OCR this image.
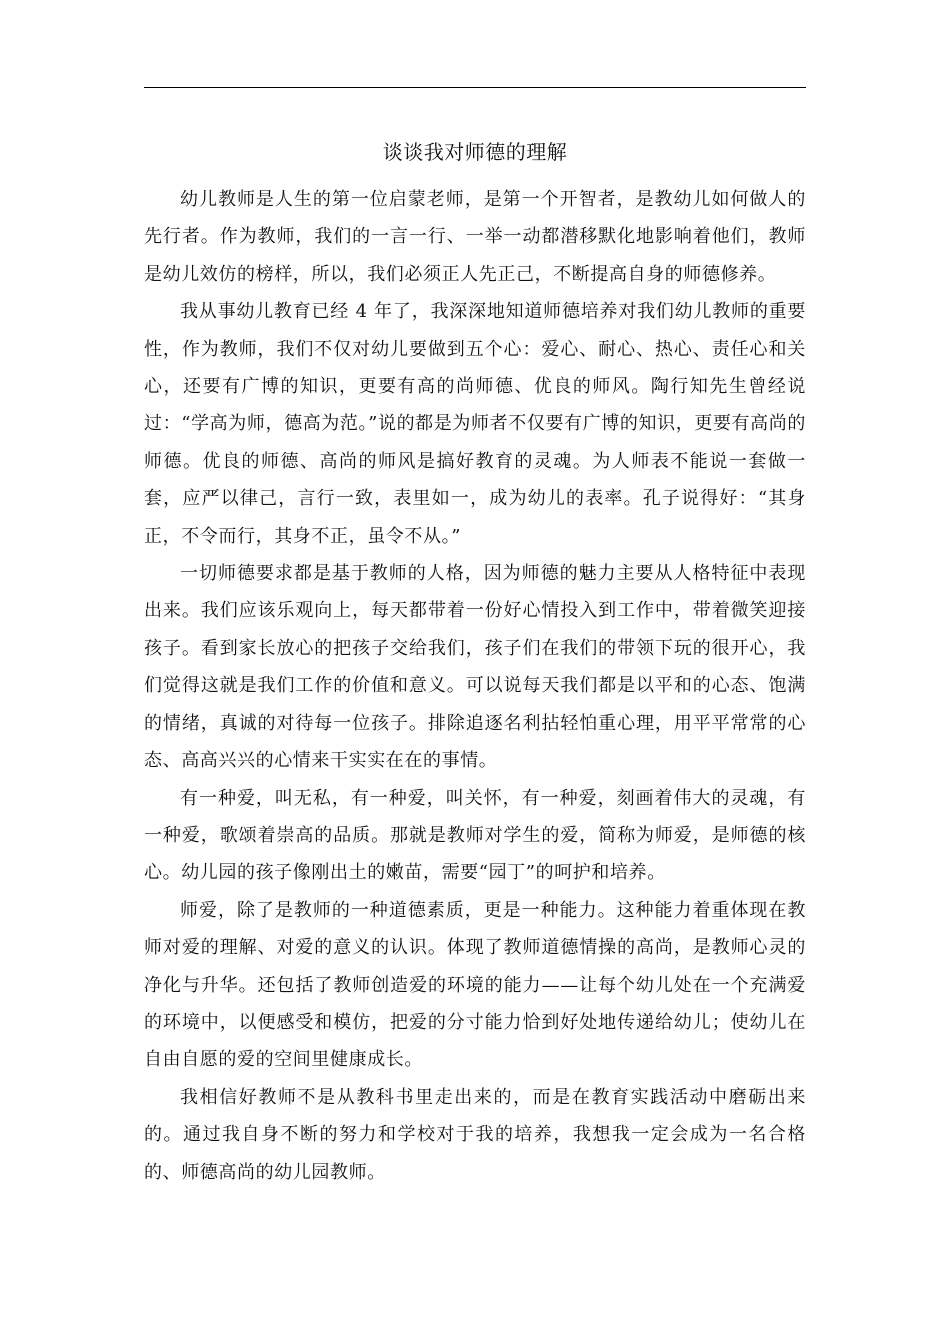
谈谈我对师德的理解

幼儿教师是人生的第一位启蒙老师，是第一个开智者，是教幼儿如何做人的先行者。作为教师，我们的一言一行、一举一动都潜移默化地影响着他们，教师是幼儿效仿的榜样，所以，我们必须正人先正己，不断提高自身的师德修养。

我从事幼儿教育已经 4 年了，我深深地知道师德培养对我们幼儿教师的重要性，作为教师，我们不仅对幼儿要做到五个心：爱心、耐心、热心、责任心和关心，还要有广博的知识，更要有高的尚师德、优良的师风。陶行知先生曾经说过：“学高为师，德高为范。”说的都是为师者不仅要有广博的知识，更要有高尚的师德。优良的师德、高尚的师风是搞好教育的灵魂。为人师表不能说一套做一套，应严以律己，言行一致，表里如一，成为幼儿的表率。孔子说得好：“其身正，不令而行，其身不正，虽令不从。”

一切师德要求都是基于教师的人格，因为师德的魅力主要从人格特征中表现出来。我们应该乐观向上，每天都带着一份好心情投入到工作中，带着微笑迎接孩子。看到家长放心的把孩子交给我们，孩子们在我们的带领下玩的很开心，我们觉得这就是我们工作的价值和意义。可以说每天我们都是以平和的心态、饱满的情绪，真诚的对待每一位孩子。排除追逐名利拈轻怕重心理，用平平常常的心态、高高兴兴的心情来干实实在在的事情。

有一种爱，叫无私，有一种爱，叫关怀，有一种爱，刻画着伟大的灵魂，有一种爱，歌颂着崇高的品质。那就是教师对学生的爱，简称为师爱，是师德的核心。幼儿园的孩子像刚出土的嫩苗，需要“园丁”的呵护和培养。

师爱，除了是教师的一种道德素质，更是一种能力。这种能力着重体现在教师对爱的理解、对爱的意义的认识。体现了教师道德情操的高尚，是教师心灵的净化与升华。还包括了教师创造爱的环境的能力——让每个幼儿处在一个充满爱的环境中，以便感受和模仿，把爱的分寸能力恰到好处地传递给幼儿；使幼儿在自由自愿的爱的空间里健康成长。

我相信好教师不是从教科书里走出来的，而是在教育实践活动中磨砺出来的。通过我自身不断的努力和学校对于我的培养，我想我一定会成为一名合格的、师德高尚的幼儿园教师。
